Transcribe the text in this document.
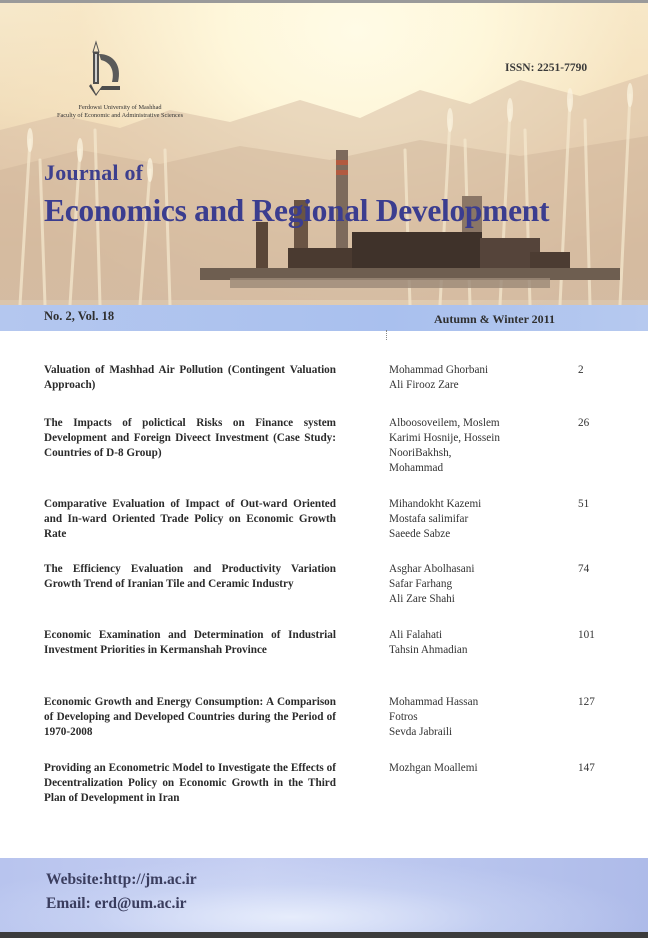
Ferdowsi University of Mashhad
Faculty of Economic and Administrative Sciences
ISSN: 2251-7790
Journal of
Economics and Regional Development
No. 2, Vol. 18	Autumn & Winter 2011
Valuation of Mashhad Air Pollution (Contingent Valuation Approach)
Mohammad Ghorbani
Ali Firooz Zare
2
The Impacts of polictical Risks on Finance system Development and Foreign Diveect Investment (Case Study: Countries of D-8 Group)
Alboosoveilem, Moslem
Karimi Hosnije, Hossein
NooriBakhsh,
Mohammad
26
Comparative Evaluation of Impact of Out-ward Oriented and In-ward Oriented Trade Policy on Economic Growth Rate
Mihandokht Kazemi
Mostafa salimifar
Saeede Sabze
51
The Efficiency Evaluation and Productivity Variation Growth Trend of Iranian Tile and Ceramic Industry
Asghar Abolhasani
Safar Farhang
Ali Zare Shahi
74
Economic Examination and Determination of Industrial Investment Priorities in Kermanshah Province
Ali Falahati
Tahsin Ahmadian
101
Economic Growth and Energy Consumption: A Comparison of Developing and Developed Countries during the Period of 1970-2008
Mohammad Hassan
Fotros
Sevda Jabraili
127
Providing an Econometric Model to Investigate the Effects of Decentralization Policy on Economic Growth in the Third Plan of Development in Iran
Mozhgan Moallemi	147
Website:http://jm.ac.ir
Email: erd@um.ac.ir
